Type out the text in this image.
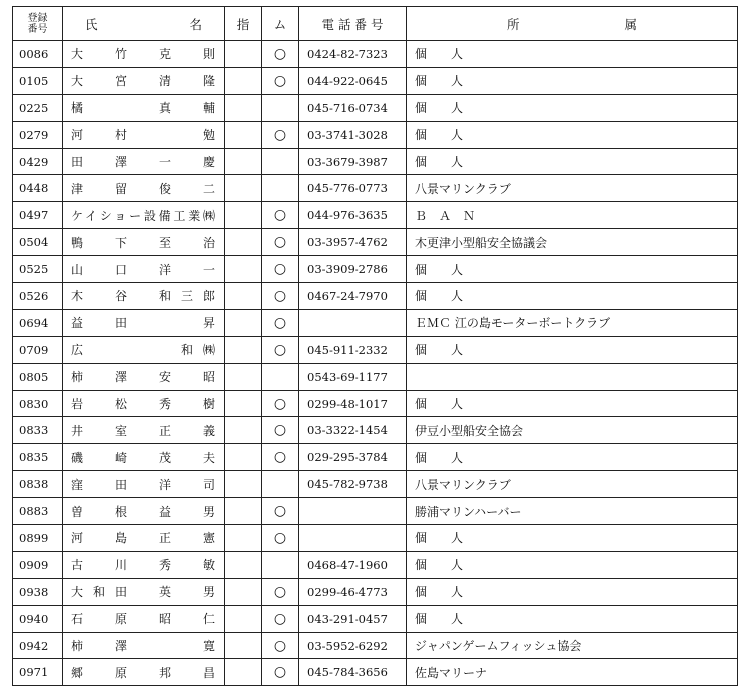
登録
番号	氏　　　名	指	ム	電 話 番 号	所　　　　属
0086	大　竹　克　則		○	0424-82-7323	個　　人
0105	大　宮　清　隆		○	044-922-0645	個　　人
0225	橘　　　真　輔			045-716-0734	個　　人
0279	河　村　　　勉		○	03-3741-3028	個　　人
0429	田　澤　一　慶			03-3679-3987	個　　人
0448	津　留　俊　二			045-776-0773	八景マリンクラブ
0497	ケイショー設備工業㈱		○	044-976-3635	Ｂ　Ａ　Ｎ
0504	鴨　下　至　治		○	03-3957-4762	木更津小型船安全協議会
0525	山　口　洋　一		○	03-3909-2786	個　　人
0526	木　谷　和三郎		○	0467-24-7970	個　　人
0694	益　田　　　昇		○		ＥＭＣ 江の島モーターボートクラブ
0709	広　　　　和㈱		○	045-911-2332	個　　人
0805	柿　澤　安　昭			0543-69-1177	
0830	岩　松　秀　樹		○	0299-48-1017	個　　人
0833	井　室　正　義		○	03-3322-1454	伊豆小型船安全協会
0835	磯　崎　茂　夫		○	029-295-3784	個　　人
0838	窪　田　洋　司			045-782-9738	八景マリンクラブ
0883	曽　根　益　男		○		勝浦マリンハーバー
0899	河　島　正　憲		○		個　　人
0909	古　川　秀　敏			0468-47-1960	個　　人
0938	大和田　英　男		○	0299-46-4773	個　　人
0940	石　原　昭　仁		○	043-291-0457	個　　人
0942	柿　澤　　　寛		○	03-5952-6292	ジャパンゲームフィッシュ協会
0971	郷　原　邦　昌		○	045-784-3656	佐島マリーナ
